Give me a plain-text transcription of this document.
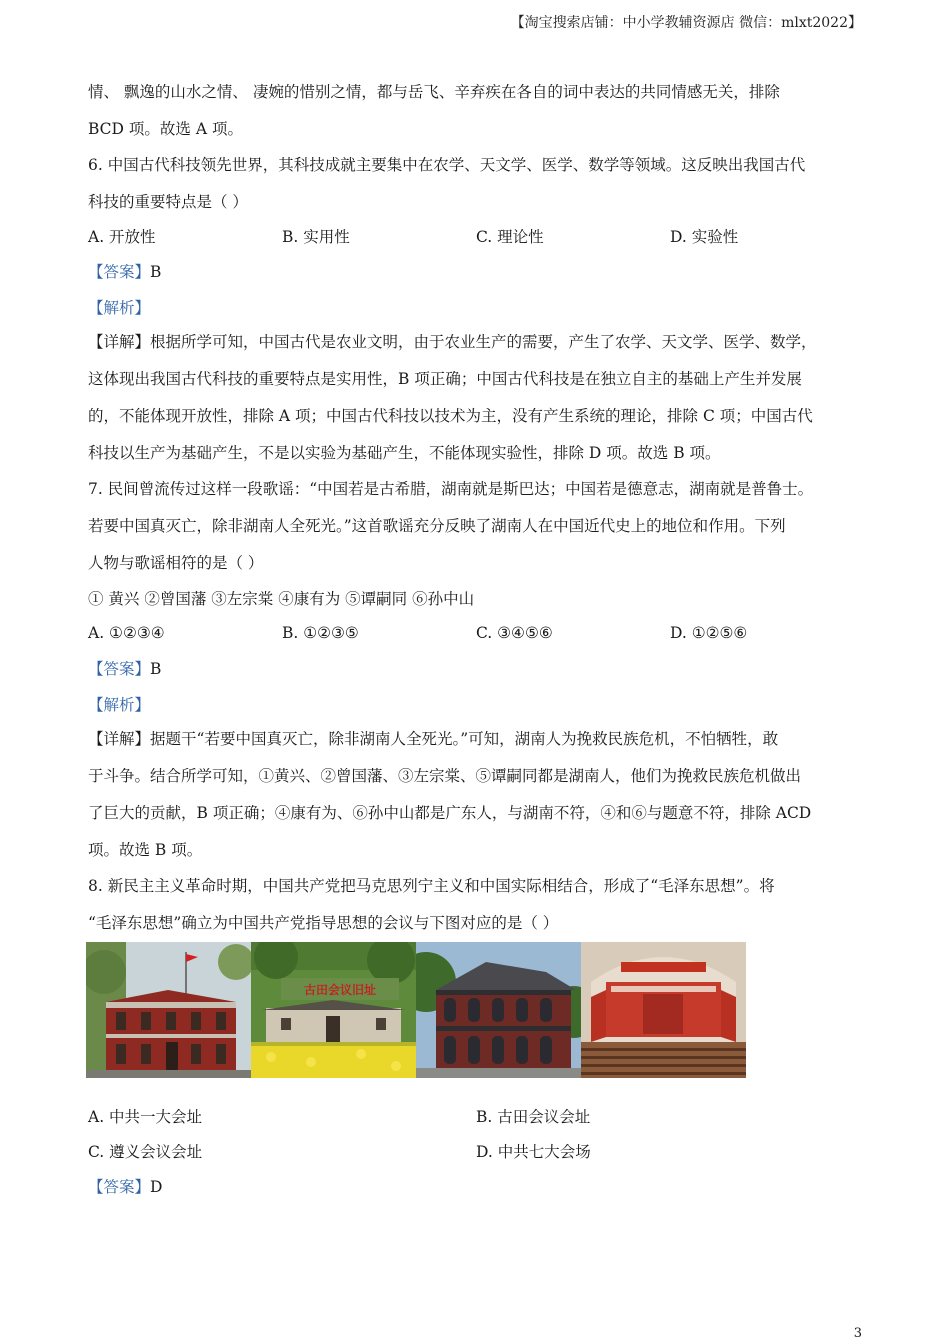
【淘宝搜索店铺：中小学教辅资源店 微信：mlxt2022】
情、 飘逸的山水之情、 凄婉的惜别之情，都与岳飞、辛弃疾在各自的词中表达的共同情感无关，排除
BCD 项。故选 A 项。
6. 中国古代科技领先世界，其科技成就主要集中在农学、天文学、医学、数学等领域。这反映出我国古代
科技的重要特点是（ ）
A. 开放性	B. 实用性	C. 理论性	D. 实验性
【答案】B
【解析】
【详解】根据所学可知，中国古代是农业文明，由于农业生产的需要，产生了农学、天文学、医学、数学，
这体现出我国古代科技的重要特点是实用性，B 项正确；中国古代科技是在独立自主的基础上产生并发展
的，不能体现开放性，排除 A 项；中国古代科技以技术为主，没有产生系统的理论，排除 C 项；中国古代
科技以生产为基础产生，不是以实验为基础产生，不能体现实验性，排除 D 项。故选 B 项。
7. 民间曾流传过这样一段歌谣：“中国若是古希腊，湖南就是斯巴达；中国若是德意志，湖南就是普鲁士。
若要中国真灭亡，除非湖南人全死光。”这首歌谣充分反映了湖南人在中国近代史上的地位和作用。下列
人物与歌谣相符的是（ ）
① 黄兴 ②曾国藩 ③左宗棠 ④康有为 ⑤谭嗣同 ⑥孙中山
A. ①②③④	B. ①②③⑤	C. ③④⑤⑥	D. ①②⑤⑥
【答案】B
【解析】
【详解】据题干“若要中国真灭亡，除非湖南人全死光。”可知，湖南人为挽救民族危机，不怕牺牲，敢
于斗争。结合所学可知，①黄兴、②曾国藩、③左宗棠、⑤谭嗣同都是湖南人，他们为挽救民族危机做出
了巨大的贡献，B 项正确；④康有为、⑥孙中山都是广东人，与湖南不符，④和⑥与题意不符，排除 ACD
项。故选 B 项。
8. 新民主主义革命时期，中国共产党把马克思列宁主义和中国实际相结合，形成了“毛泽东思想”。将
“毛泽东思想”确立为中国共产党指导思想的会议与下图对应的是（ ）
古田会议旧址
A. 中共一大会址	B. 古田会议会址
C. 遵义会议会址	D. 中共七大会场
【答案】D
3
